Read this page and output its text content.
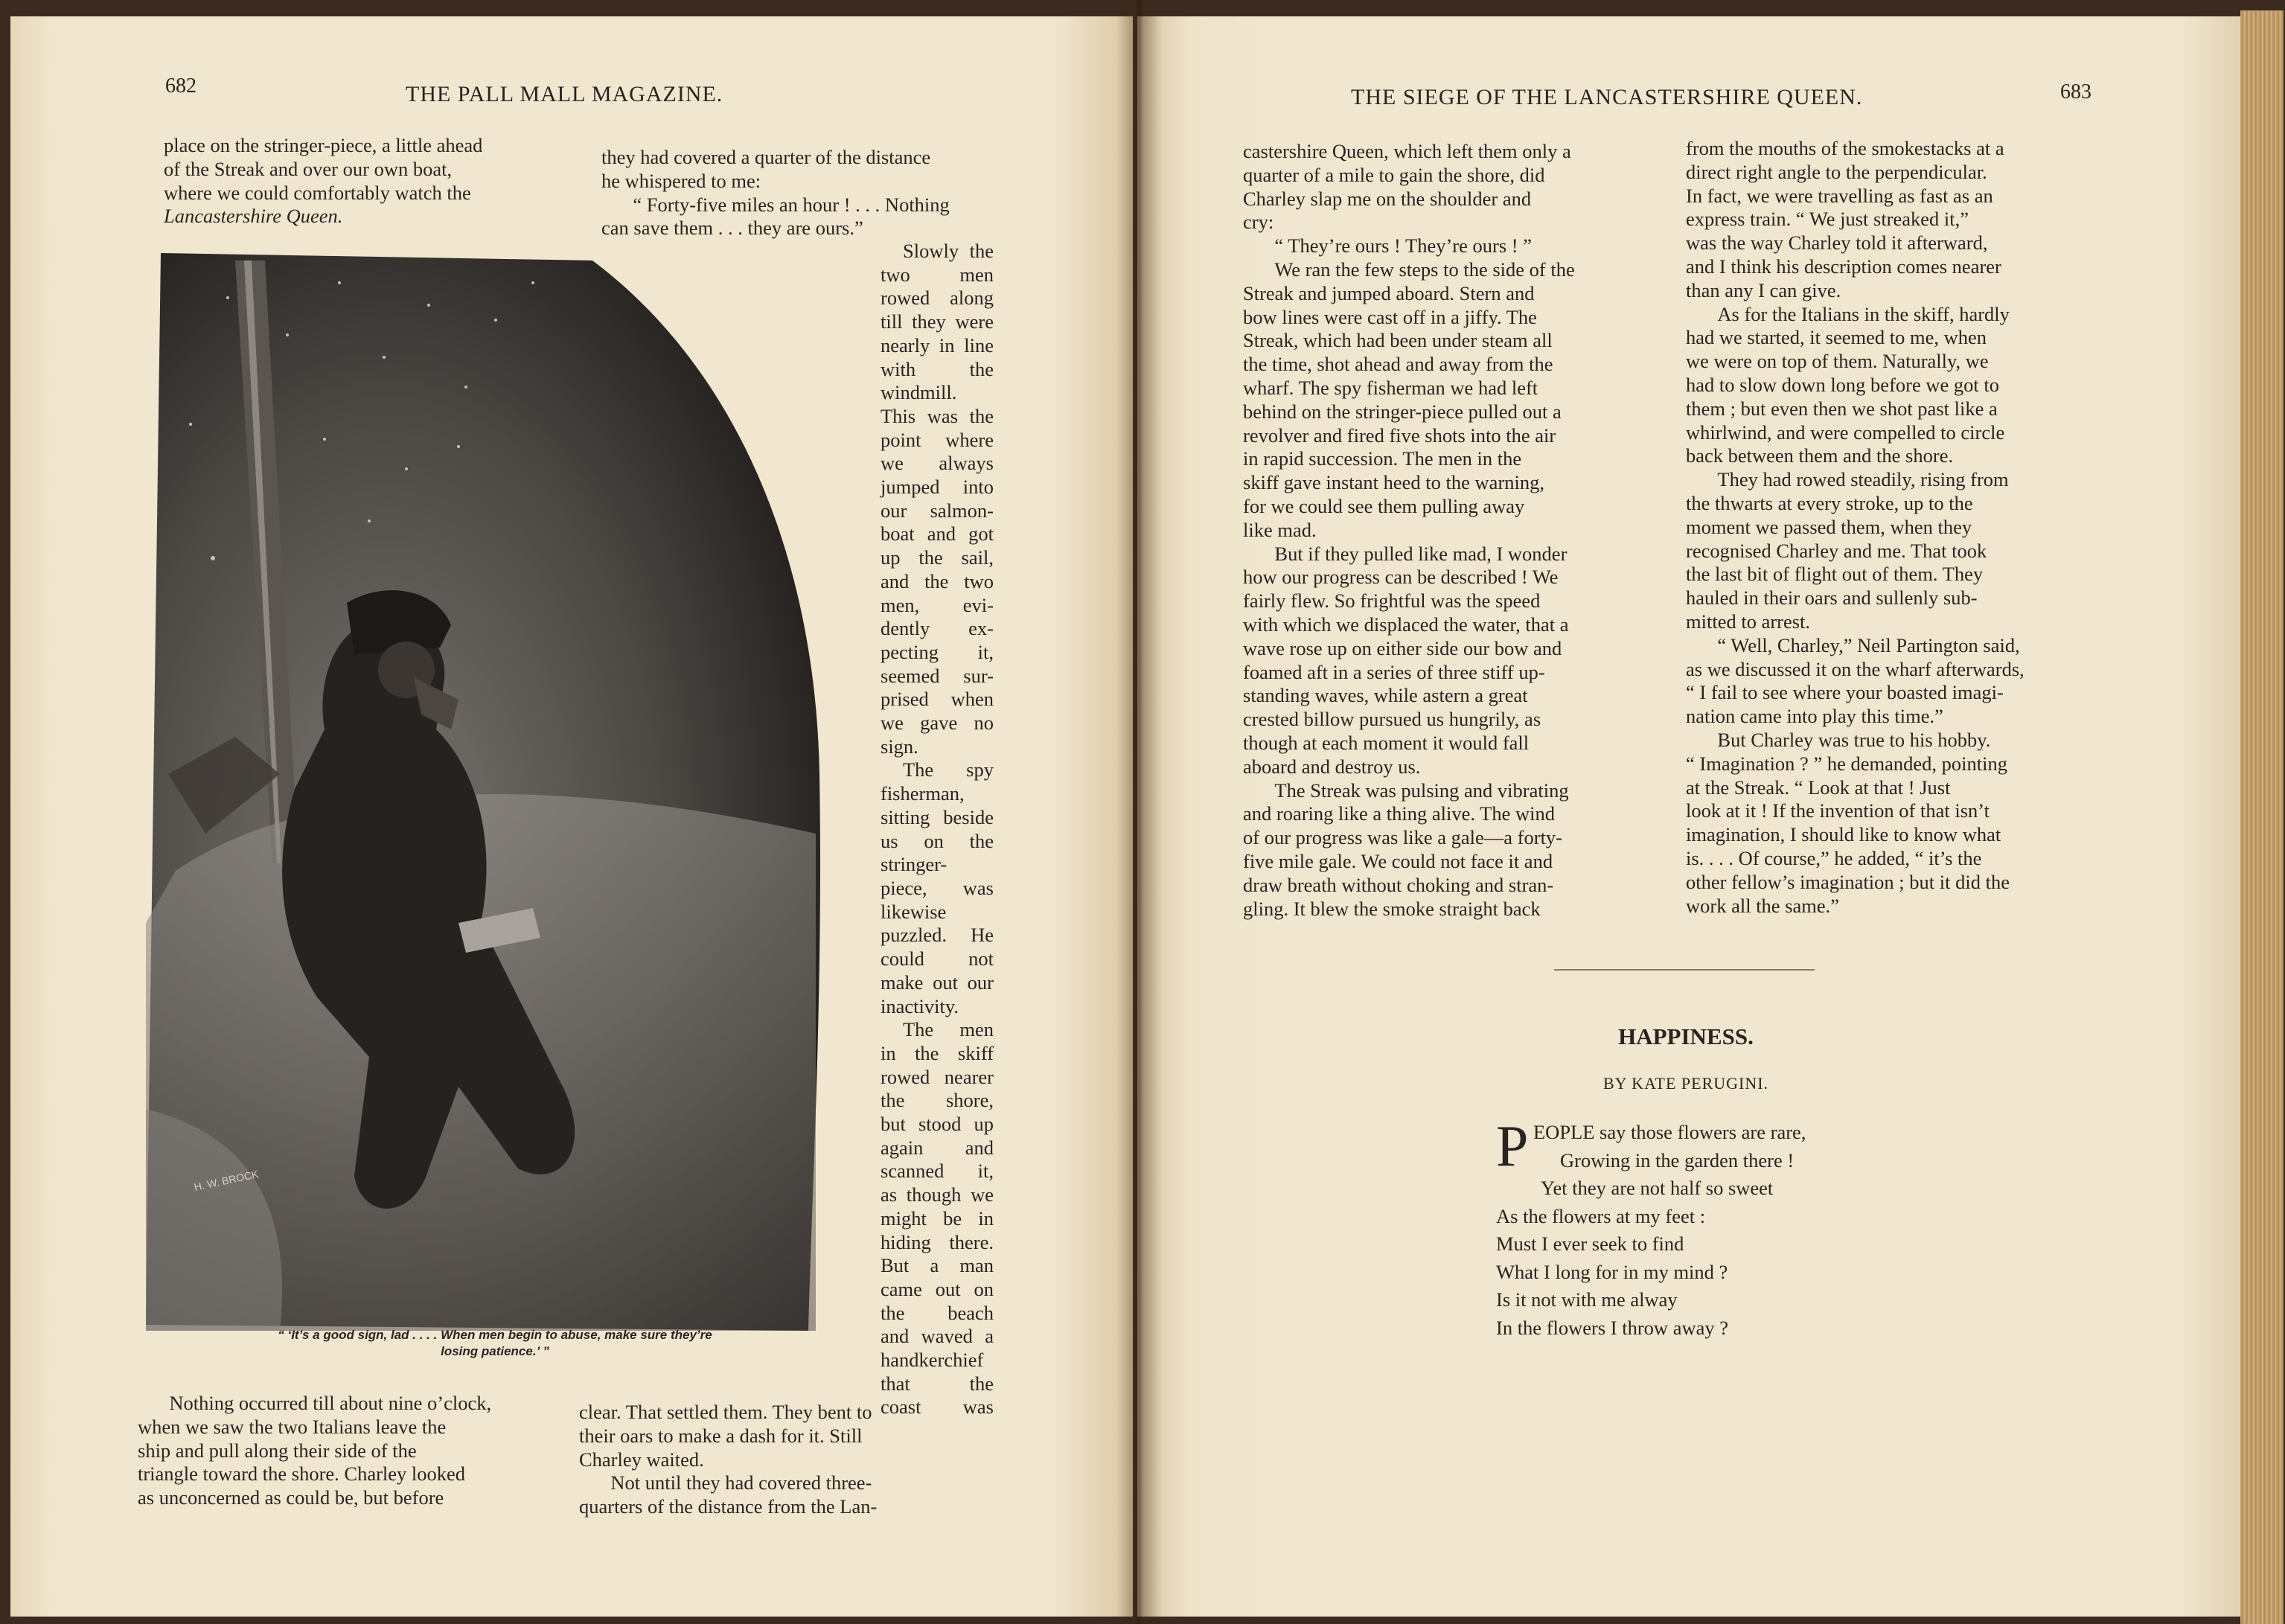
682	THE PALL MALL MAGAZINE.

place on the stringer-piece, a little ahead

of the Streak and over our own boat,

where we could comfortably watch the

Lancastershire Queen.

they had covered a quarter of the distance

he whispered to me:

“ Forty-five miles an hour ! . . . Nothing

can save them . . . they are ours.”

H. W. BROCK
“ ‘It’s a good sign, lad . . . . When men begin to abuse, make sure they’re
losing patience.’ ”
Slowly the
two men
rowed along
till they were
nearly in line
with the
windmill.
This was the
point where
we always
jumped into
our salmon-
boat and got
up the sail,
and the two
men, evi-
dently ex-
pecting it,
seemed sur-
prised when
we gave no
sign.
The spy
fisherman,
sitting beside
us on the
stringer-
piece, was
likewise
puzzled. He
could not
make out our
inactivity.
The men
in the skiff
rowed nearer
the shore,
but stood up
again and
scanned it,
as though we
might be in
hiding there.
But a man
came out on
the beach
and waved a
handkerchief
that the
coast was

Nothing occurred till about nine o’clock,

when we saw the two Italians leave the

ship and pull along their side of the

triangle toward the shore. Charley looked

as unconcerned as could be, but before

clear. That settled them. They bent to

their oars to make a dash for it. Still

Charley waited.

Not until they had covered three-

quarters of the distance from the Lan-

THE SIEGE OF THE LANCASTERSHIRE QUEEN.	683

castershire Queen, which left them only a

quarter of a mile to gain the shore, did

Charley slap me on the shoulder and

cry:

“ They’re ours ! They’re ours ! ”

We ran the few steps to the side of the

Streak and jumped aboard. Stern and

bow lines were cast off in a jiffy. The

Streak, which had been under steam all

the time, shot ahead and away from the

wharf. The spy fisherman we had left

behind on the stringer-piece pulled out a

revolver and fired five shots into the air

in rapid succession. The men in the

skiff gave instant heed to the warning,

for we could see them pulling away

like mad.

But if they pulled like mad, I wonder

how our progress can be described ! We

fairly flew. So frightful was the speed

with which we displaced the water, that a

wave rose up on either side our bow and

foamed aft in a series of three stiff up-

standing waves, while astern a great

crested billow pursued us hungrily, as

though at each moment it would fall

aboard and destroy us.

The Streak was pulsing and vibrating

and roaring like a thing alive. The wind

of our progress was like a gale—a forty-

five mile gale. We could not face it and

draw breath without choking and stran-

gling. It blew the smoke straight back

from the mouths of the smokestacks at a

direct right angle to the perpendicular.

In fact, we were travelling as fast as an

express train. “ We just streaked it,”

was the way Charley told it afterward,

and I think his description comes nearer

than any I can give.

As for the Italians in the skiff, hardly

had we started, it seemed to me, when

we were on top of them. Naturally, we

had to slow down long before we got to

them ; but even then we shot past like a

whirlwind, and were compelled to circle

back between them and the shore.

They had rowed steadily, rising from

the thwarts at every stroke, up to the

moment we passed them, when they

recognised Charley and me. That took

the last bit of flight out of them. They

hauled in their oars and sullenly sub-

mitted to arrest.

“ Well, Charley,” Neil Partington said,

as we discussed it on the wharf afterwards,

“ I fail to see where your boasted imagi-

nation came into play this time.”

But Charley was true to his hobby.

“ Imagination ? ” he demanded, pointing

at the Streak. “ Look at that ! Just

look at it ! If the invention of that isn’t

imagination, I should like to know what

is. . . . Of course,” he added, “ it’s the

other fellow’s imagination ; but it did the

work all the same.”

HAPPINESS.
BY KATE PERUGINI.
P EOPLE say those flowers are rare,
Growing in the garden there !
Yet they are not half so sweet
As the flowers at my feet :
Must I ever seek to find
What I long for in my mind ?
Is it not with me alway
In the flowers I throw away ?
